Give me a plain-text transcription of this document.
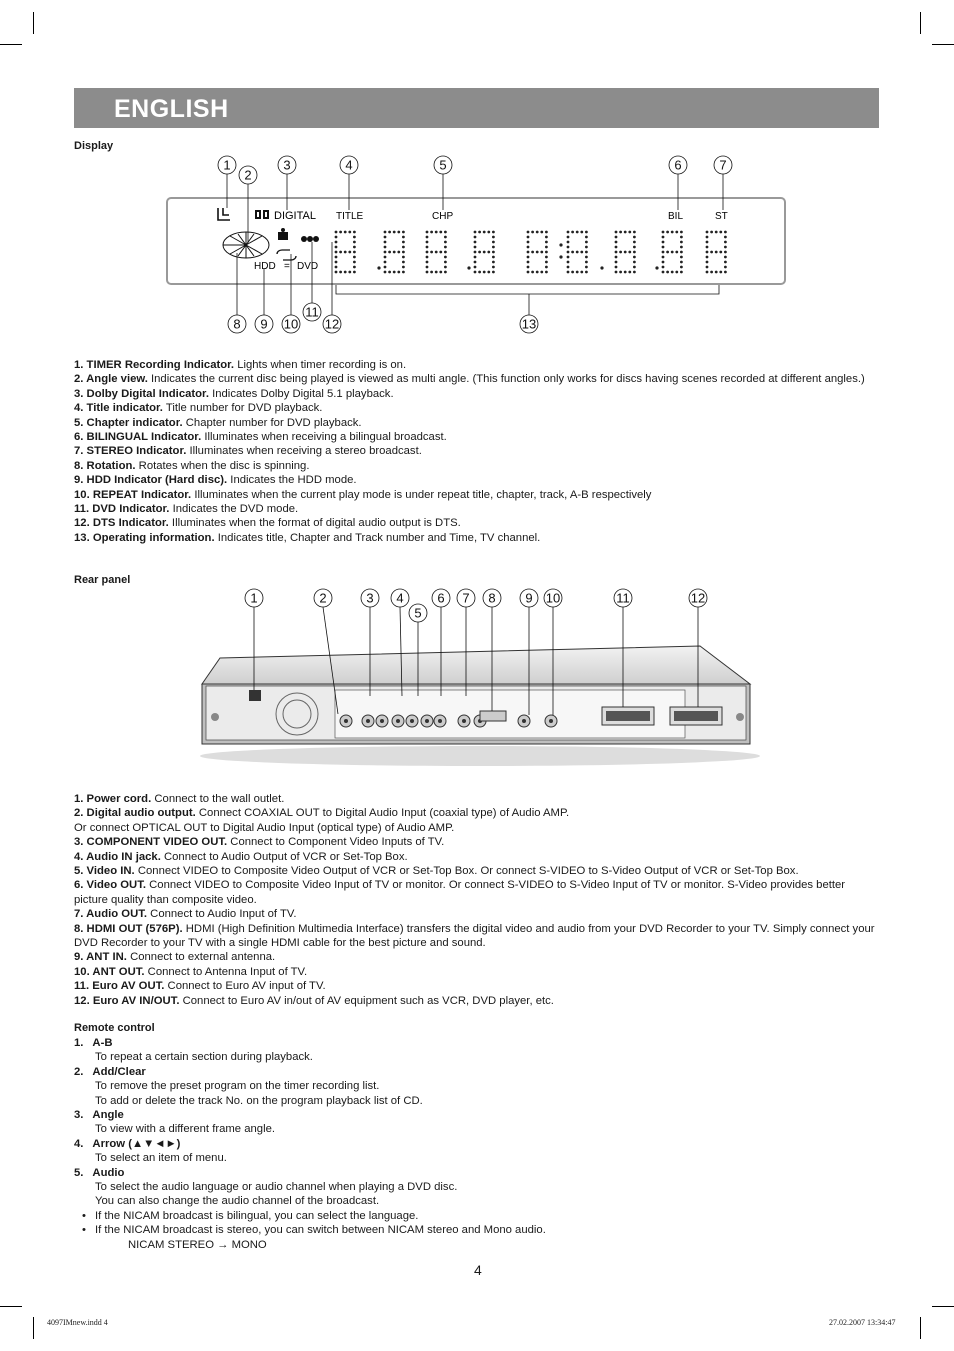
ENGLISH
Display
DIGITAL TITLE	CHP	BIL	ST
HDD = DVD
1
2
3	4	5	6	7
8 9 10
11
12	13

1. TIMER Recording Indicator. Lights when timer recording is on.

2. Angle view. Indicates the current disc being played is viewed as multi angle. (This function only works for discs having scenes recorded at different angles.)

3. Dolby Digital Indicator. Indicates Dolby Digital 5.1 playback.

4. Title indicator. Title number for DVD playback.

5. Chapter indicator. Chapter number for DVD playback.

6. BILINGUAL Indicator. Illuminates when receiving a bilingual broadcast.

7. STEREO Indicator. Illuminates when receiving a stereo broadcast.

8. Rotation. Rotates when the disc is spinning.

9. HDD Indicator (Hard disc). Indicates the HDD mode.

10. REPEAT Indicator. Illuminates when the current play mode is under repeat title, chapter, track, A-B respectively

11. DVD Indicator. Indicates the DVD mode.

12. DTS Indicator. Illuminates when the format of digital audio output is DTS.

13. Operating information. Indicates title, Chapter and Track number and Time, TV channel.

Rear panel
1	2	3 4
5
6 7 8 9 10	11	12

1. Power cord. Connect to the wall outlet.

2. Digital audio output. Connect COAXIAL OUT to Digital Audio Input (coaxial type) of Audio AMP.

Or connect OPTICAL OUT to Digital Audio Input (optical type) of Audio AMP.

3. COMPONENT VIDEO OUT. Connect to Component Video Inputs of TV.

4. Audio IN jack. Connect to Audio Output of VCR or Set-Top Box.

5. Video IN. Connect VIDEO to Composite Video Output of VCR or Set-Top Box. Or connect S-VIDEO to S-Video Output of VCR or Set-Top Box.

6. Video OUT. Connect VIDEO to Composite Video Input of TV or monitor. Or connect S-VIDEO to S-Video Input of TV or monitor. S-Video provides better picture quality than composite video.

7. Audio OUT. Connect to Audio Input of TV.

8. HDMI OUT (576P). HDMI (High Definition Multimedia Interface) transfers the digital video and audio from your DVD Recorder to your TV. Simply connect your DVD Recorder to your TV with a single HDMI cable for the best picture and sound.

9. ANT IN. Connect to external antenna.

10. ANT OUT. Connect to Antenna Input of TV.

11. Euro AV OUT. Connect to Euro AV input of TV.

12. Euro AV IN/OUT. Connect to Euro AV in/out of AV equipment such as VCR, DVD player, etc.

Remote control

1.   A-B

To repeat a certain section during playback.

2.   Add/Clear

To remove the preset program on the timer recording list.

To add or delete the track No. on the program playback list of CD.

3.   Angle

To view with a different frame angle.

4.   Arrow (▲▼◄►)

To select an item of menu.

5.   Audio

To select the audio language or audio channel when playing a DVD disc.

You can also change the audio channel of the broadcast.

• If the NICAM broadcast is bilingual, you can select the language.

• If the NICAM broadcast is stereo, you can switch between NICAM stereo and Mono audio.

NICAM STEREO → MONO

4
4097IMnew.indd 4	27.02.2007 13:34:47
